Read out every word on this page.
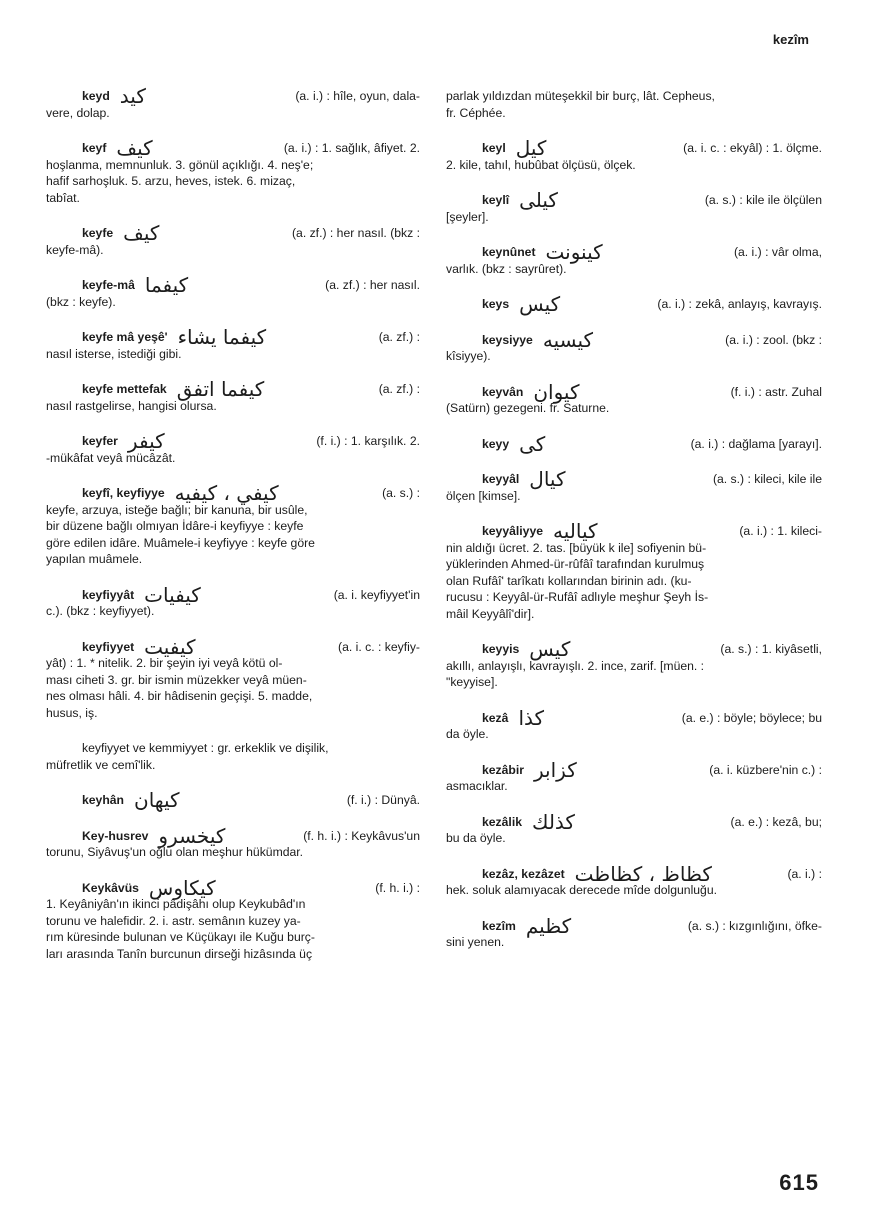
kezîm
keyd كيد	(a. i.) : hîle, oyun, dala-
vere, dolap.
keyf كيف	(a. i.) : 1. sağlık, âfiyet. 2.
hoşlanma, memnunluk. 3. gönül açıklığı. 4. neş'e;
hafif sarhoşluk. 5. arzu, heves, istek. 6. mizaç,
tabîat.
keyfe كيف	(a. zf.) : her nasıl. (bkz :
keyfe-mâ).
keyfe-mâ كيفما	(a. zf.) : her nasıl.
(bkz : keyfe).
keyfe mâ yeşê' كيفما يشاء	(a. zf.) :
nasıl isterse, istediği gibi.
keyfe mettefak كيفما اتفق	(a. zf.) :
nasıl rastgelirse, hangisi olursa.
keyfer كيفر	(f. i.) : 1. karşılık. 2.
-mükâfat veyâ mücâzât.
keyfî, keyfiyye كيفي ، كيفيه	(a. s.) :
keyfe, arzuya, isteğe bağlı; bir kanuna, bir usûle,
bir düzene bağlı olmıyan İdâre-i keyfiyye : keyfe
göre edilen idâre. Muâmele-i keyfiyye : keyfe göre
yapılan muâmele.
keyfiyyât كيفيات	(a. i. keyfiyyet'in
c.). (bkz : keyfiyyet).
keyfiyyet كيفيت	(a. i. c. : keyfiy-
yât) : 1. * nitelik. 2. bir şeyin iyi veyâ kötü ol-
ması ciheti 3. gr. bir ismin müzekker veyâ müen-
nes olması hâli. 4. bir hâdisenin geçişi. 5. madde,
husus, iş.
keyfiyyet ve kemmiyyet : gr. erkeklik ve dişilik,
müfretlik ve cemî'lik.
keyhân كيهان	(f. i.) : Dünyâ.
Key-husrev كيخسرو	(f. h. i.) : Keykâvus'un
torunu, Siyâvuş'un oğlu olan meşhur hükümdar.
Keykâvüs كيكاوس	(f. h. i.) :
1. Keyâniyân'ın ikinci pâdişâhı olup Keykubâd'ın
torunu ve halefidir. 2. i. astr. semânın kuzey ya-
rım küresinde bulunan ve Küçükayı ile Kuğu burç-
ları arasında Tanîn burcunun dirseği hizâsında üç
parlak yıldızdan müteşekkil bir burç, lât. Cepheus,
fr. Céphée.
keyl كيل	(a. i. c. : ekyâl) : 1. ölçme.
2. kile, tahıl, hubûbat ölçüsü, ölçek.
keylî كيلى	(a. s.) : kile ile ölçülen
[şeyler].
keynûnet كينونت	(a. i.) : vâr olma,
varlık. (bkz : sayrûret).
keys كيس	(a. i.) : zekâ, anlayış, kavrayış.
keysiyye كيسيه	(a. i.) : zool. (bkz :
kîsiyye).
keyvân كيوان	(f. i.) : astr. Zuhal
(Satürn) gezegeni. fr. Saturne.
keyy كى	(a. i.) : dağlama [yarayı].
keyyâl كيال	(a. s.) : kileci, kile ile
ölçen [kimse].
keyyâliyye كياليه	(a. i.) : 1. kileci-
nin aldığı ücret. 2. tas. [büyük k ile] sofiyenin bü-
yüklerinden Ahmed-ür-rûfâî tarafından kurulmuş
olan Rufâî' tarîkatı kollarından birinin adı. (ku-
rucusu : Keyyâl-ür-Rufâî adlıyle meşhur Şeyh İs-
mâil Keyyâlî'dir].
keyyis كيس	(a. s.) : 1. kiyâsetli,
akıllı, anlayışlı, kavrayışlı. 2. ince, zarif. [müen. :
"keyyise].
kezâ كذا	(a. e.) : böyle; böylece; bu
da öyle.
kezâbir كزابر	(a. i. küzbere'nin c.) :
asmacıklar.
kezâlik كذلك	(a. e.) : kezâ, bu;
bu da öyle.
kezâz, kezâzet كظاظ ، كظاظت	(a. i.) :
hek. soluk alamıyacak derecede mîde dolgunluğu.
kezîm كظيم	(a. s.) : kızgınlığını, öfke-
sini yenen.
615
